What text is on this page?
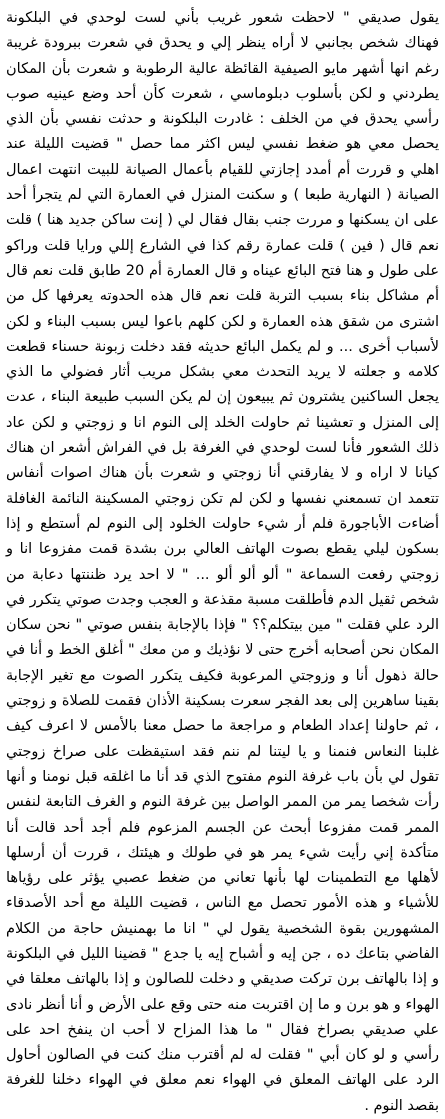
يقول صديقي " لاحظت شعور غريب بأني لست لوحدي في البلكونة فهناك شخص بجانبي لا أراه ينظر إلي و يحدق في شعرت ببرودة غريبة رغم انها أشهر مايو الصيفية القائظة عالية الرطوبة و شعرت بأن المكان يطردني و لكن بأسلوب دبلوماسي ، شعرت كأن أحد وضع عينيه صوب رأسي يحدق في من الخلف : غادرت البلكونة و حدثت نفسي بأن الذي يحصل معي هو ضغط نفسي ليس اكثر مما حصل " قضيت الليلة عند اهلي و قررت أم أمدد إجازتي للقيام بأعمال الصيانة للبيت انتهت اعمال الصيانة ( النهارية طبعا ) و سكنت المنزل في العمارة التي لم يتجرأ أحد على ان يسكنها و مررت جنب بقال فقال لي ( إنت ساكن جديد هنا ) قلت نعم قال ( فين ) قلت عمارة رقم كذا في الشارع إللي ورايا قلت وراكو على طول و هنا فتح البائع عيناه و قال العمارة أم 20 طابق قلت نعم قال أم مشاكل بناء بسبب التربة قلت نعم قال هذه الحدوته يعرفها كل من اشترى من شقق هذه العمارة و لكن كلهم باعوا ليس بسبب البناء و لكن لأسباب أخرى ... و لم يكمل البائع حديثه فقد دخلت زبونة حسناء قطعت كلامه و جعلته لا يريد التحدث معي بشكل مريب أثار فضولي ما الذي يجعل الساكنين يشترون ثم يبيعون إن لم يكن السبب طبيعة البناء ، عدت إلى المنزل و تعشينا ثم حاولت الخلد إلى النوم انا و زوجتي و لكن عاد ذلك الشعور فأنا لست لوحدي في الغرفة بل في الفراش أشعر ان هناك كيانا لا اراه و لا يفارقني أنا زوجتي و شعرت بأن هناك اصوات أنفاس تتعمد ان تسمعني نفسها و لكن لم تكن زوجتي المسكينة النائمة الغافلة أضاءت الأباجورة فلم أر شيء حاولت الخلود إلى النوم لم أستطع و إذا بسكون ليلي يقطع بصوت الهاتف العالي برن بشدة قمت مفزوعا انا و زوجتي رفعت السماعة " ألو ألو ألو ... " لا احد يرد ظننتها دعابة من شخص ثقيل الدم فأطلقت مسبة مقذعة و العجب وجدت صوتي يتكرر في الرد علي فقلت " مين بيتكلم؟؟ " فإذا بالإجابة بنفس صوتي " نحن سكان المكان نحن أصحابه أخرج حتى لا نؤذيك و من معك " أغلق الخط و أنا في حالة ذهول أنا و وزوجتي المرعوبة فكيف يتكرر الصوت مع تغير الإجابة بقينا ساهرين إلى بعد الفجر سعرت بسكينة الأذان فقمت للصلاة و زوجتي ، ثم حاولنا إعداد الطعام و مراجعة ما حصل معنا بالأمس لا اعرف كيف غلبنا النعاس فنمنا و يا ليتنا لم ننم فقد استيقظت على صراخ زوجتي تقول لي بأن باب غرفة النوم مفتوح الذي قد أنا ما اغلقه قبل نومنا و أنها رأت شخصا يمر من الممر الواصل بين غرفة النوم و الغرف التابعة لنفس الممر قمت مفزوعا أبحث عن الجسم المزعوم فلم أجد أحد قالت أنا متأكدة إني رأيت شيء يمر هو في طولك و هيئتك ، قررت أن أرسلها لأهلها مع التطمينات لها بأنها تعاني من ضغط عصبي يؤثر على رؤياها للأشياء و هذه الأمور تحصل مع الناس ، قضيت الليلة مع أحد الأصدقاء المشهورين بقوة الشخصية يقول لي " انا ما بهمنيش حاجة من الكلام الفاضي بتاعك ده ، جن إيه و أشباح إيه يا جدع " قضينا الليل في البلكونة و إذا بالهاتف برن تركت صديقي و دخلت للصالون و إذا بالهاتف معلقا في الهواء و هو برن و ما إن اقتربت منه حتى وقع على الأرض و أنا أنظر نادى علي صديقي بصراخ فقال " ما هذا المزاح لا أحب ان ينفخ احد على رأسي و لو كان أبي " فقلت له لم أقترب منك كنت في الصالون أحاول الرد على الهاتف المعلق في الهواء نعم معلق في الهواء دخلنا للغرفة بقصد النوم .
